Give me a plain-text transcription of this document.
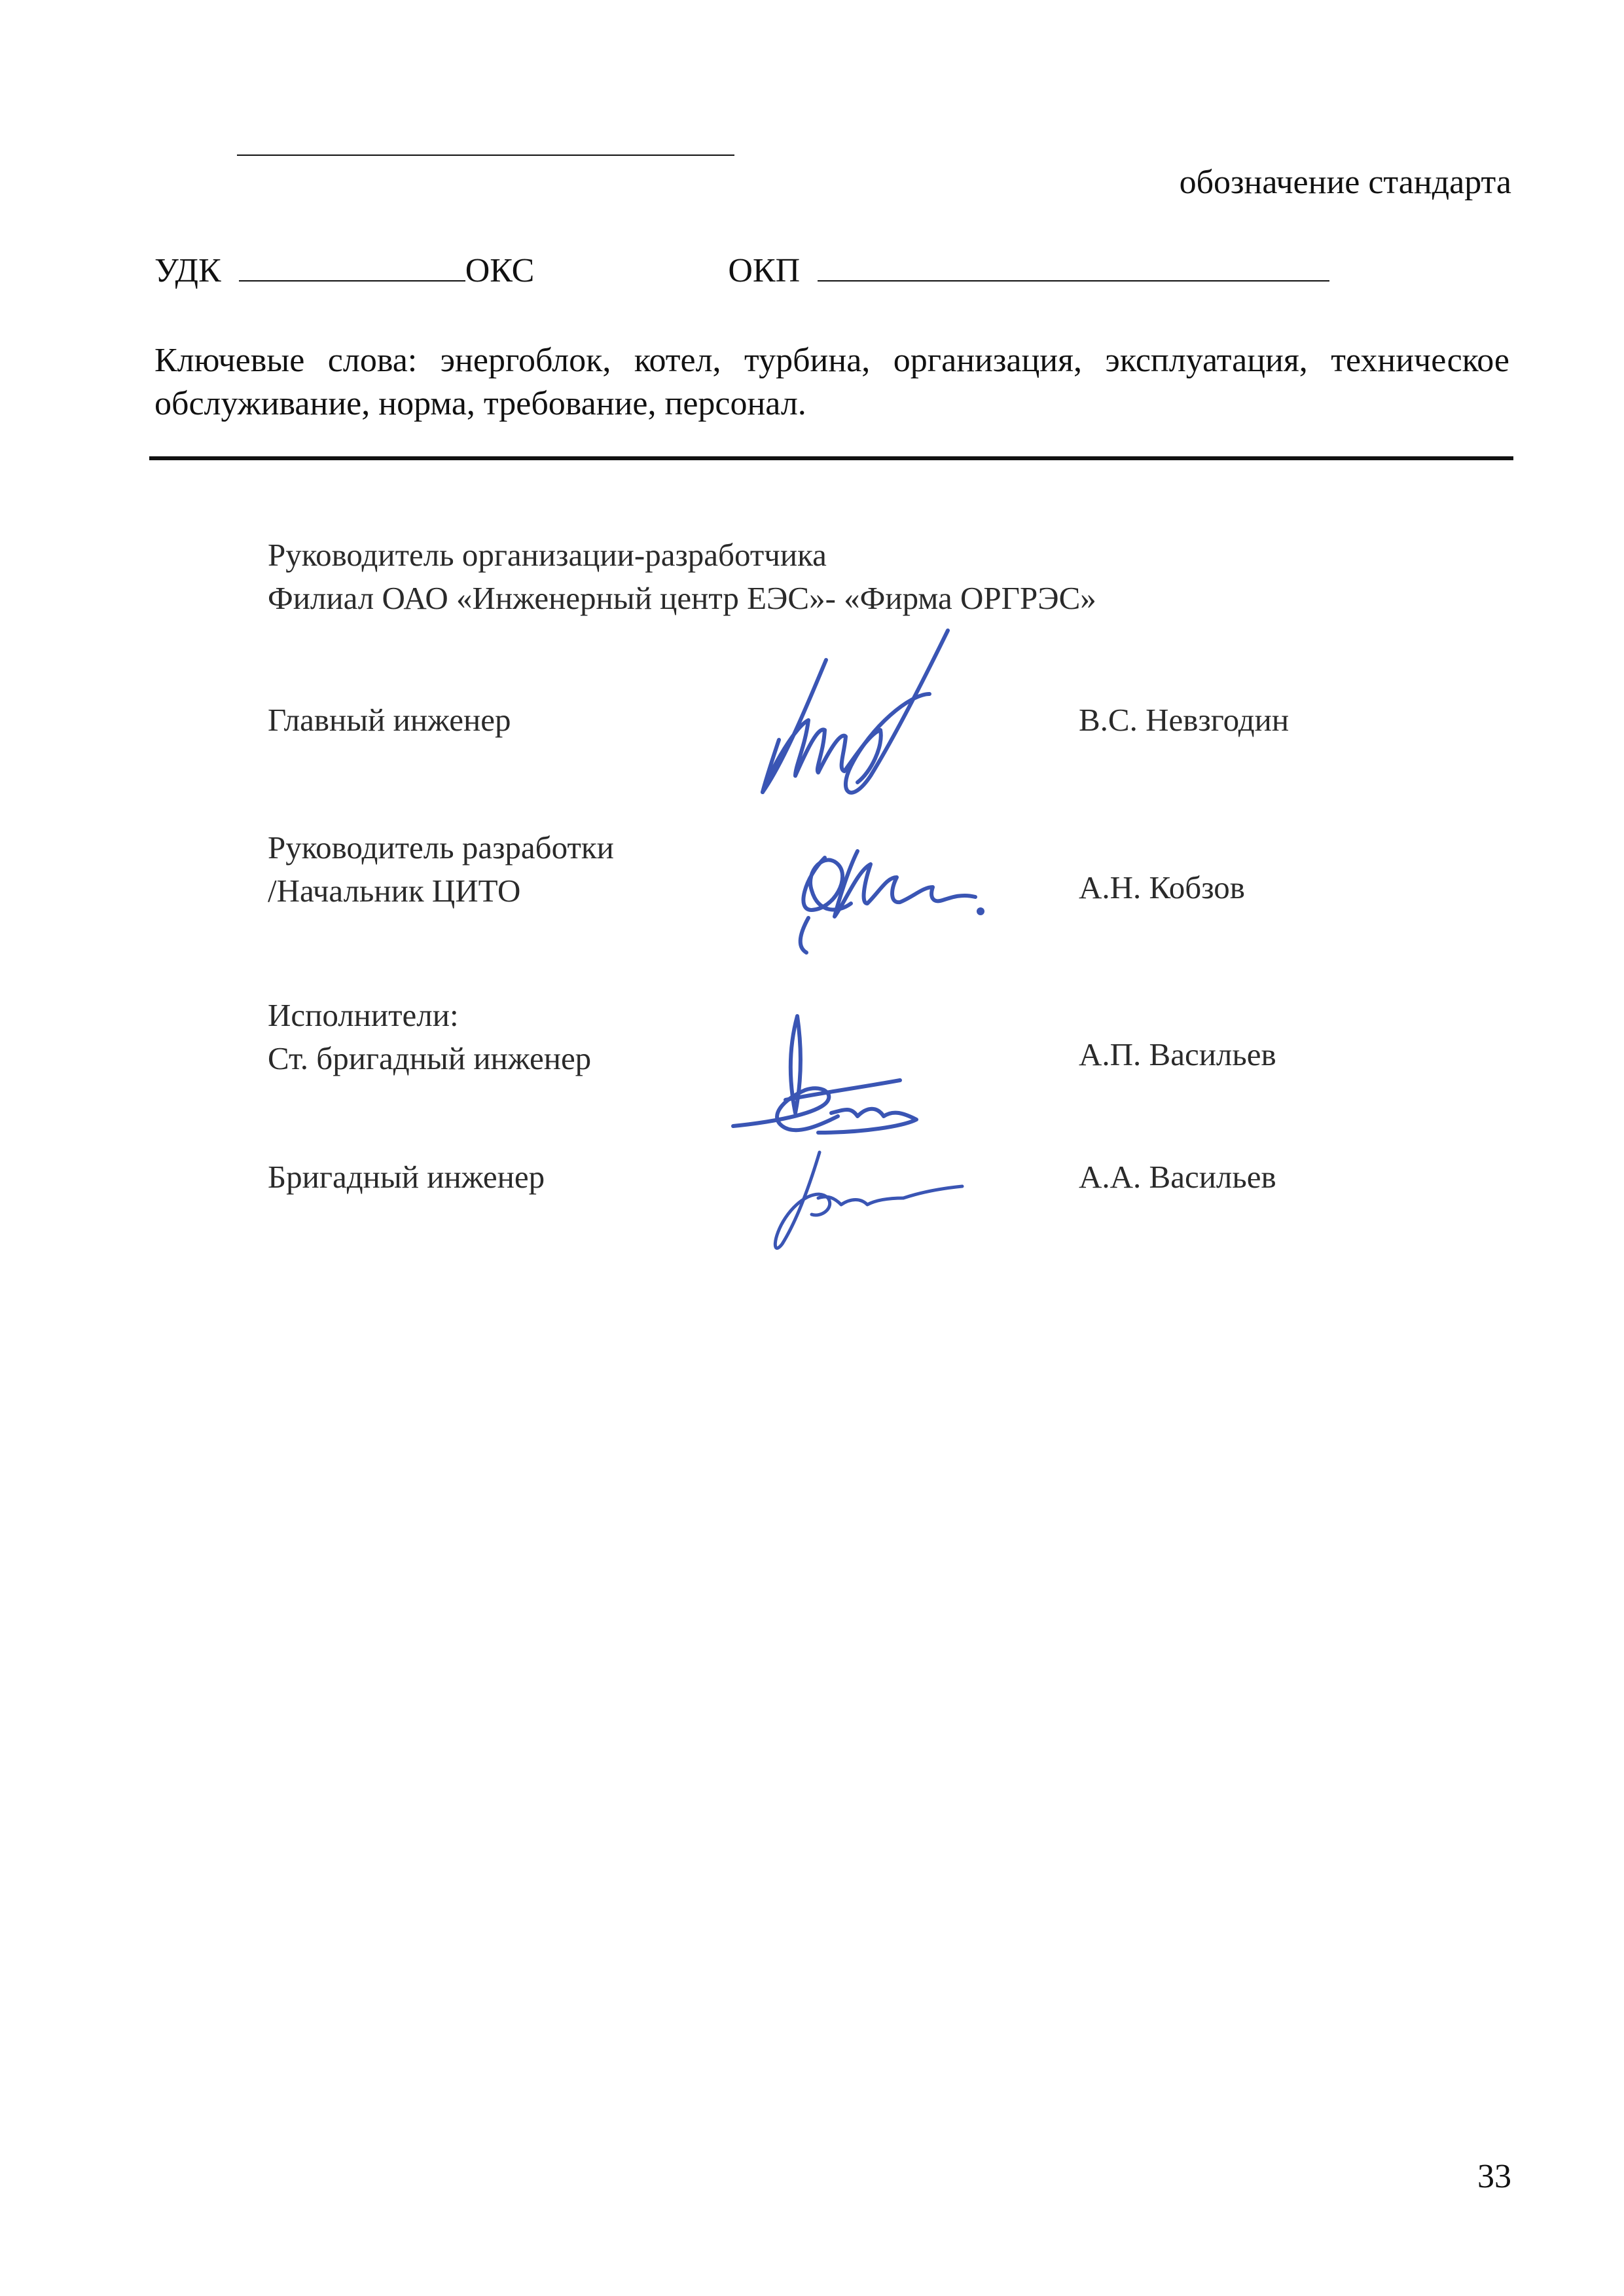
обозначение стандарта
УДК	ОКС	ОКП
Ключевые слова: энергоблок, котел, турбина, организация, эксплуатация, техническое обслуживание, норма, требование, персонал.
Руководитель организации-разработчика
Филиал ОАО «Инженерный центр ЕЭС»- «Фирма ОРГРЭС»
Главный инженер	В.С. Невзгодин
Руководитель разработки
/Начальник ЦИТО	А.Н. Кобзов
Исполнители:
Ст. бригадный инженер	А.П. Васильев
Бригадный инженер	А.А. Васильев
33
